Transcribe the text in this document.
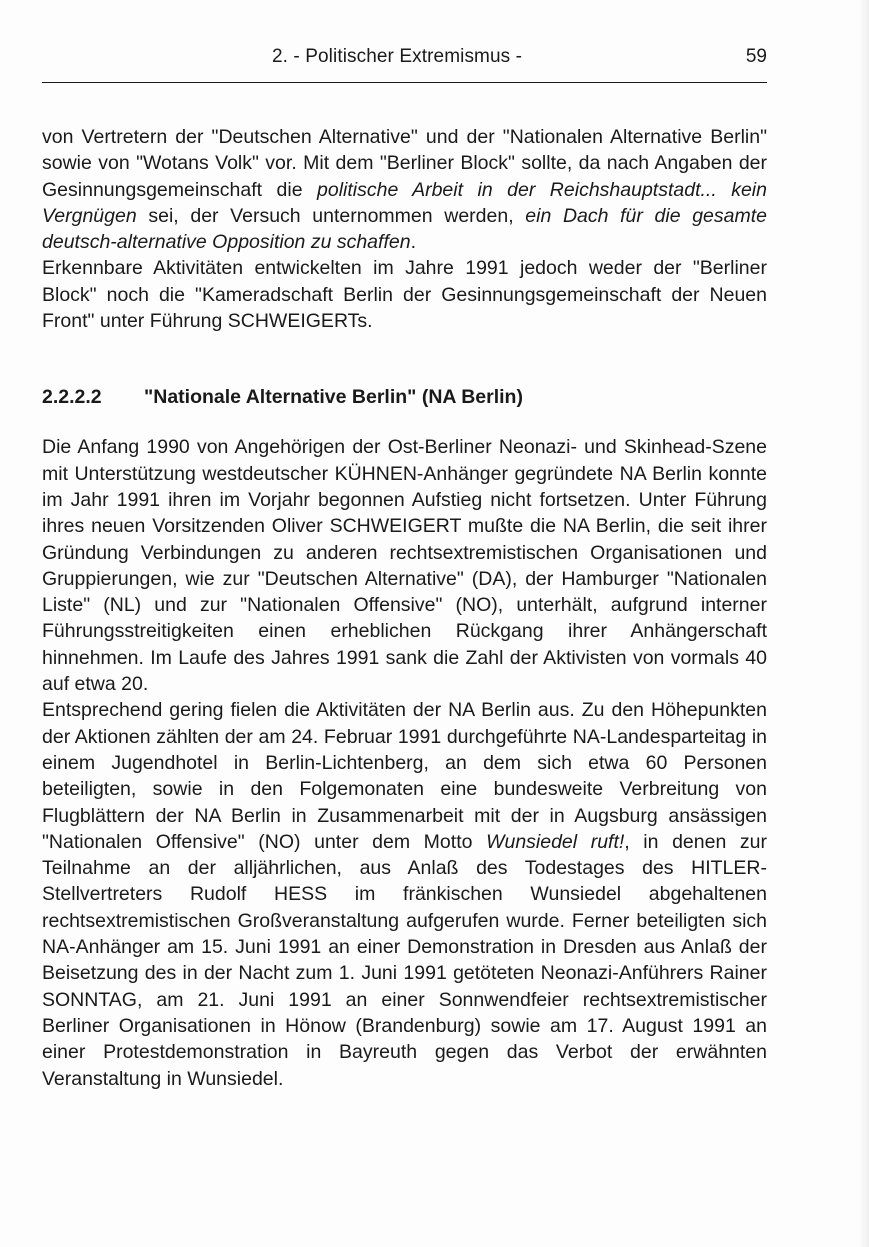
2. - Politischer Extremismus -	59

von Vertretern der "Deutschen Alternative" und der "Nationalen Alternative Berlin" sowie von "Wotans Volk" vor. Mit dem "Berliner Block" sollte, da nach Angaben der Gesinnungsgemeinschaft die politische Arbeit in der Reichshauptstadt... kein Vergnügen sei, der Versuch unternommen werden, ein Dach für die gesamte deutsch-alternative Opposition zu schaffen.

Erkennbare Aktivitäten entwickelten im Jahre 1991 jedoch weder der "Berliner Block" noch die "Kameradschaft Berlin der Gesinnungsgemeinschaft der Neuen Front" unter Führung SCHWEIGERTs.

2.2.2.2 "Nationale Alternative Berlin" (NA Berlin)

Die Anfang 1990 von Angehörigen der Ost-Berliner Neonazi- und Skinhead-Szene mit Unterstützung westdeutscher KÜHNEN-Anhänger gegründete NA Berlin konnte im Jahr 1991 ihren im Vorjahr begonnen Aufstieg nicht fortsetzen. Unter Führung ihres neuen Vorsitzenden Oliver SCHWEIGERT mußte die NA Berlin, die seit ihrer Gründung Verbindungen zu anderen rechtsextremistischen Organisationen und Gruppierungen, wie zur "Deutschen Alternative" (DA), der Hamburger "Nationalen Liste" (NL) und zur "Nationalen Offensive" (NO), unterhält, aufgrund interner Führungsstreitigkeiten einen erheblichen Rückgang ihrer Anhängerschaft hinnehmen. Im Laufe des Jahres 1991 sank die Zahl der Aktivisten von vormals 40 auf etwa 20.

Entsprechend gering fielen die Aktivitäten der NA Berlin aus. Zu den Höhepunkten der Aktionen zählten der am 24. Februar 1991 durchgeführte NA-Landesparteitag in einem Jugendhotel in Berlin-Lichtenberg, an dem sich etwa 60 Personen beteiligten, sowie in den Folgemonaten eine bundesweite Verbreitung von Flugblättern der NA Berlin in Zusammenarbeit mit der in Augsburg ansässigen "Nationalen Offensive" (NO) unter dem Motto Wunsiedel ruft!, in denen zur Teilnahme an der alljährlichen, aus Anlaß des Todestages des HITLER-Stellvertreters Rudolf HESS im fränkischen Wunsiedel abgehaltenen rechtsextremistischen Großveranstaltung aufgerufen wurde. Ferner beteiligten sich NA-Anhänger am 15. Juni 1991 an einer Demonstration in Dresden aus Anlaß der Beisetzung des in der Nacht zum 1. Juni 1991 getöteten Neonazi-Anführers Rainer SONNTAG, am 21. Juni 1991 an einer Sonnwendfeier rechtsextremistischer Berliner Organisationen in Hönow (Brandenburg) sowie am 17. August 1991 an einer Protestdemonstration in Bayreuth gegen das Verbot der erwähnten Veranstaltung in Wunsiedel.
